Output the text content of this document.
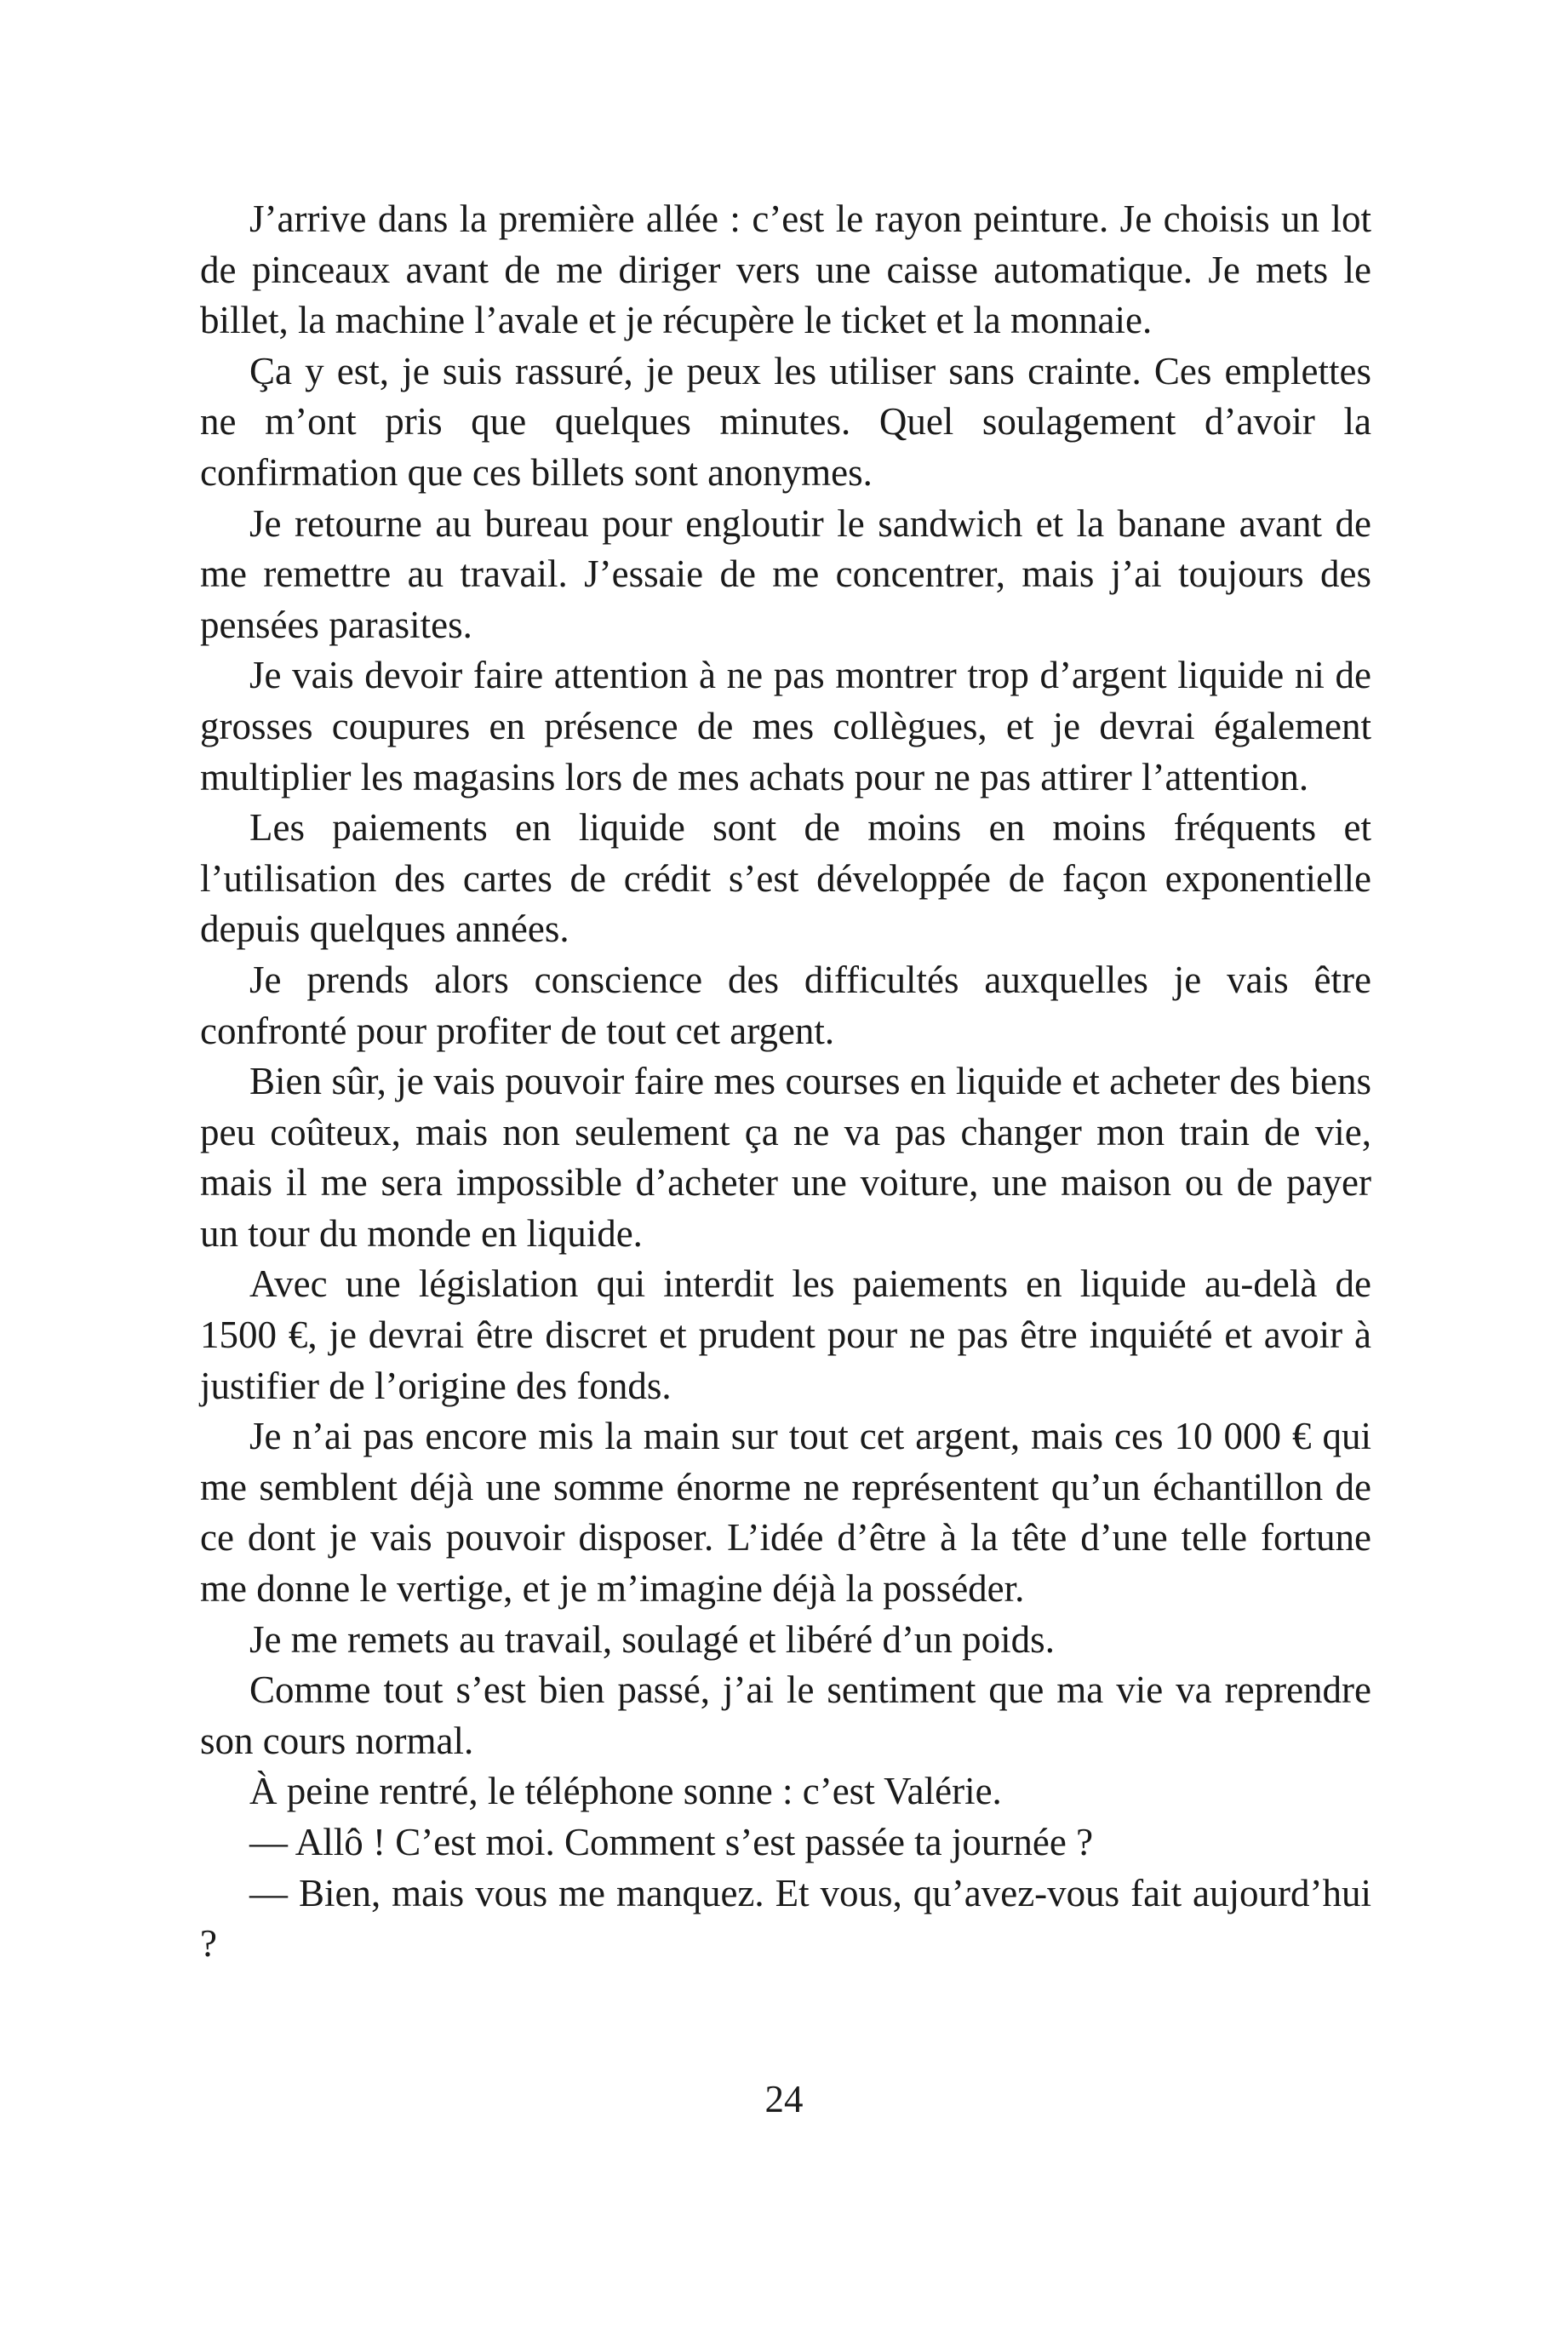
J’arrive dans la première allée : c’est le rayon peinture. Je choisis un lot de pinceaux avant de me diriger vers une caisse automatique. Je mets le billet, la machine l’avale et je récupère le ticket et la monnaie.

Ça y est, je suis rassuré, je peux les utiliser sans crainte. Ces emplettes ne m’ont pris que quelques minutes. Quel soulagement d’avoir la confirmation que ces billets sont anonymes.

Je retourne au bureau pour engloutir le sandwich et la banane avant de me remettre au travail. J’essaie de me concentrer, mais j’ai toujours des pensées parasites.

Je vais devoir faire attention à ne pas montrer trop d’argent liquide ni de grosses coupures en présence de mes collègues, et je devrai également multiplier les magasins lors de mes achats pour ne pas attirer l’attention.

Les paiements en liquide sont de moins en moins fréquents et l’utilisation des cartes de crédit s’est développée de façon exponentielle depuis quelques années.

Je prends alors conscience des difficultés auxquelles je vais être confronté pour profiter de tout cet argent.

Bien sûr, je vais pouvoir faire mes courses en liquide et acheter des biens peu coûteux, mais non seulement ça ne va pas changer mon train de vie, mais il me sera impossible d’acheter une voiture, une maison ou de payer un tour du monde en liquide.

Avec une législation qui interdit les paiements en liquide au-delà de 1500 €, je devrai être discret et prudent pour ne pas être inquiété et avoir à justifier de l’origine des fonds.

Je n’ai pas encore mis la main sur tout cet argent, mais ces 10 000 € qui me semblent déjà une somme énorme ne représentent qu’un échantillon de ce dont je vais pouvoir disposer. L’idée d’être à la tête d’une telle fortune me donne le vertige, et je m’imagine déjà la posséder.

Je me remets au travail, soulagé et libéré d’un poids.

Comme tout s’est bien passé, j’ai le sentiment que ma vie va reprendre son cours normal.

À peine rentré, le téléphone sonne : c’est Valérie.

— Allô ! C’est moi. Comment s’est passée ta journée ?

— Bien, mais vous me manquez. Et vous, qu’avez-vous fait aujourd’hui ?

24
